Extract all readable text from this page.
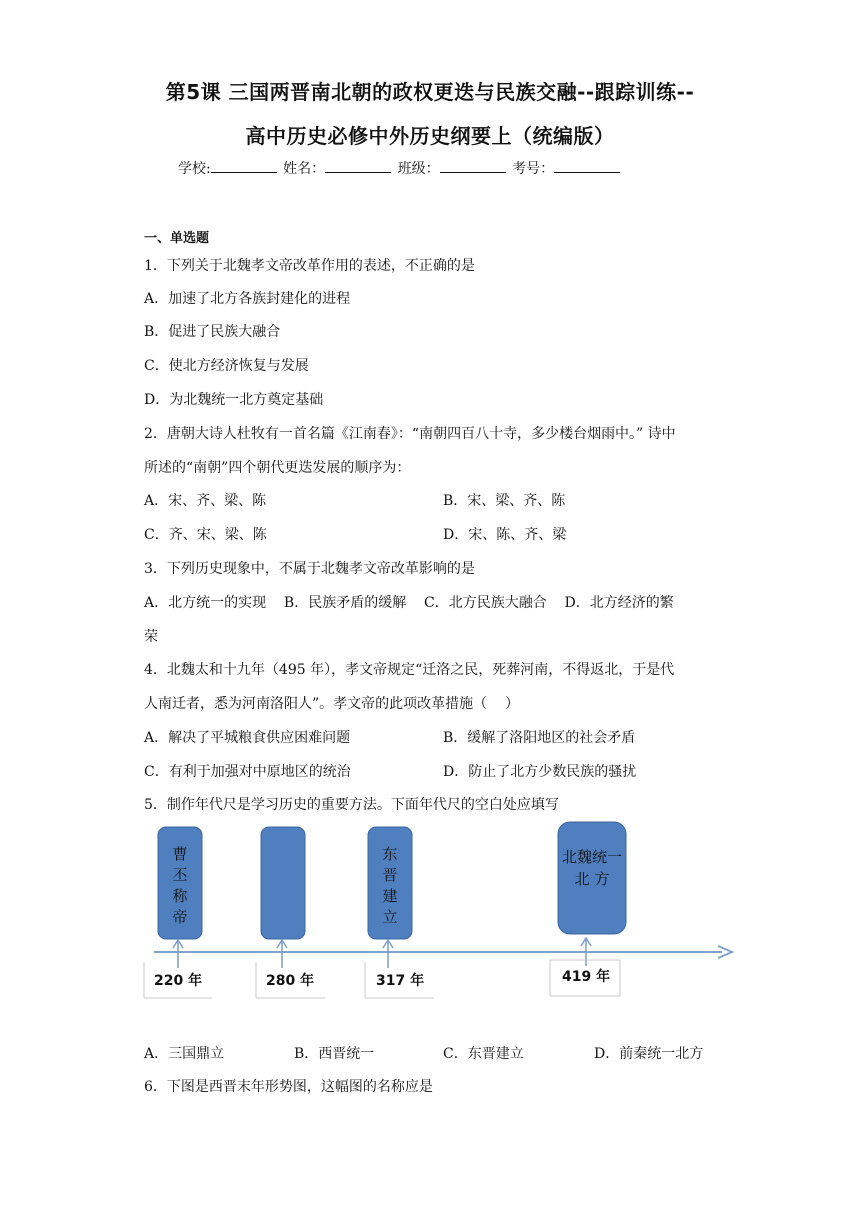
第5课 三国两晋南北朝的政权更迭与民族交融--跟踪训练--
高中历史必修中外历史纲要上（统编版）
学校:	姓名：	班级：	考号：
一、单选题
1．下列关于北魏孝文帝改革作用的表述，不正确的是
A．加速了北方各族封建化的进程
B．促进了民族大融合
C．使北方经济恢复与发展
D．为北魏统一北方奠定基础
2．唐朝大诗人杜牧有一首名篇《江南春》：“南朝四百八十寺，多少楼台烟雨中。” 诗中
所述的“南朝”四个朝代更迭发展的顺序为：
A．宋、齐、梁、陈	B．宋、梁、齐、陈
C．齐、宋、梁、陈	D．宋、陈、齐、梁
3．下列历史现象中，不属于北魏孝文帝改革影响的是
A．北方统一的实现    B．民族矛盾的缓解    C．北方民族大融合    D．北方经济的繁
荣
4．北魏太和十九年（495 年），孝文帝规定“迁洛之民，死葬河南，不得返北，于是代
人南迁者，悉为河南洛阳人”。孝文帝的此项改革措施（    ）
A．解决了平城粮食供应困难问题	B．缓解了洛阳地区的社会矛盾
C．有利于加强对中原地区的统治	D．防止了北方少数民族的骚扰
5．制作年代尺是学习历史的重要方法。下面年代尺的空白处应填写
曹
丕
称
帝
东
晋
建
立
北魏统一
北 方
220 年	280 年	317 年	419 年
A．三国鼎立	B．西晋统一	C．东晋建立	D．前秦统一北方
6．下图是西晋末年形势图，这幅图的名称应是
